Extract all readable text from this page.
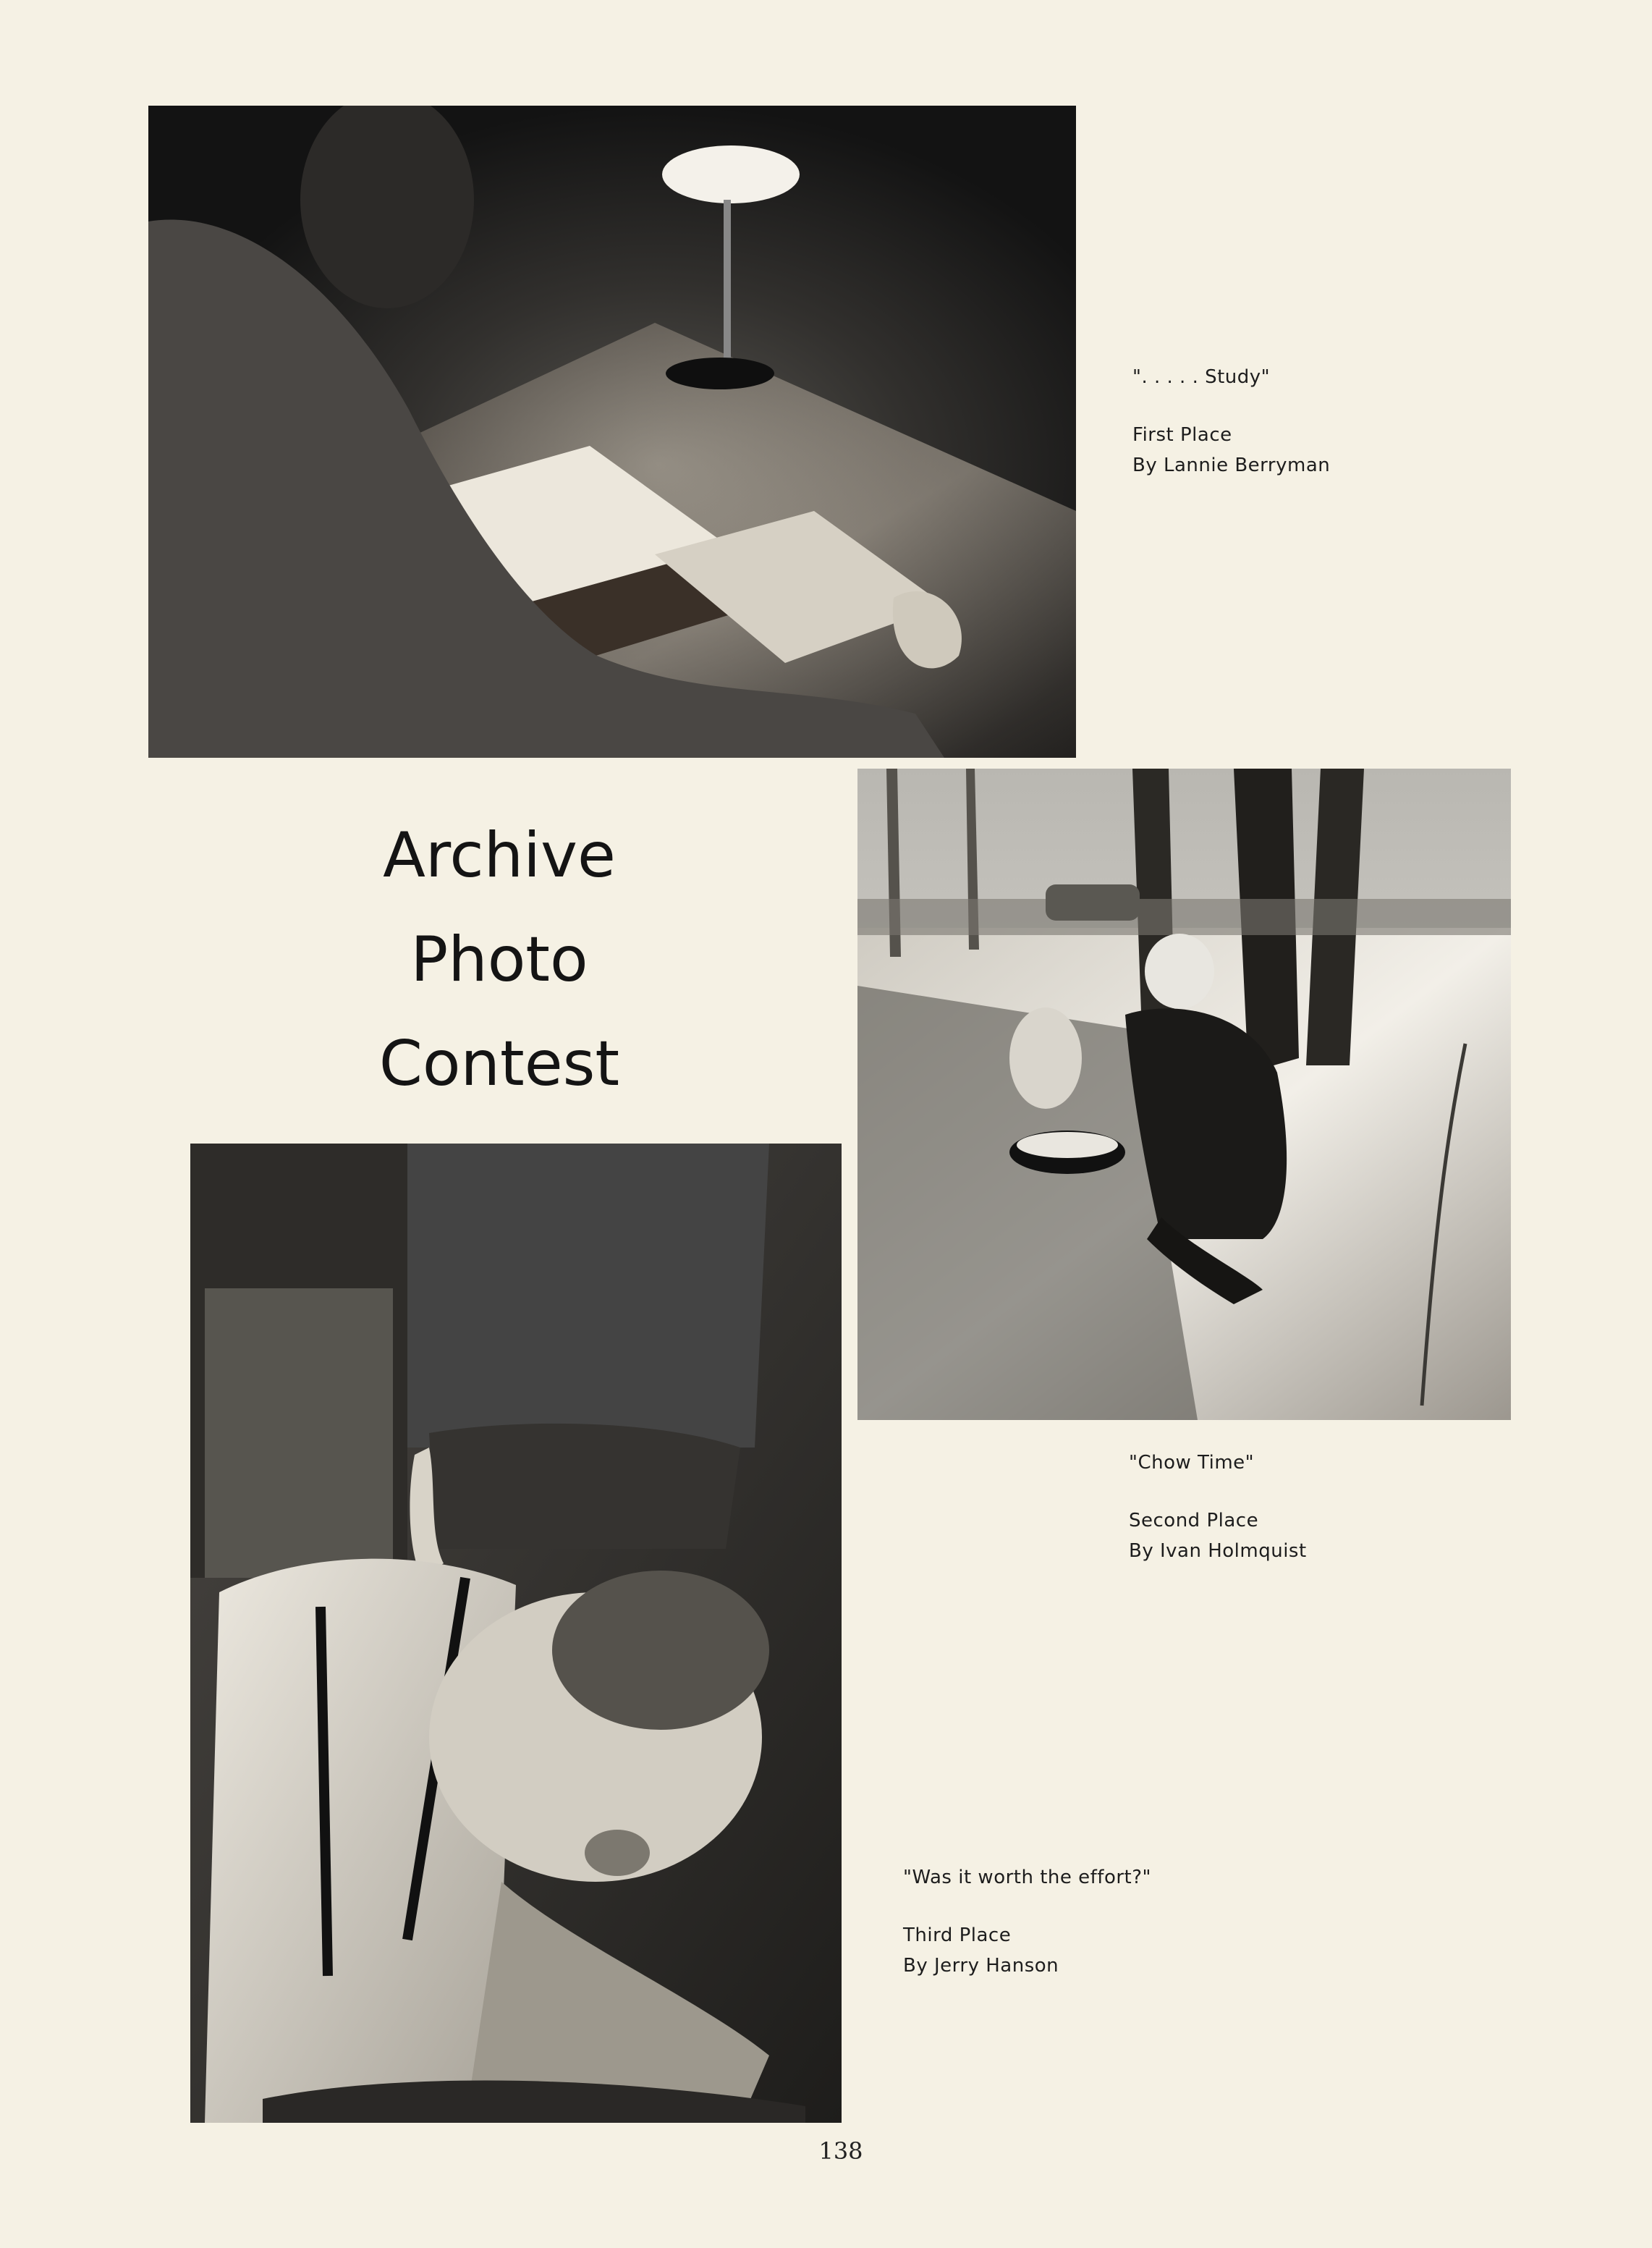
". . . . . Study"
First Place
By Lannie Berryman
Archive
Photo
Contest
"Chow Time"
Second Place
By Ivan Holmquist
"Was it worth the effort?"
Third Place
By Jerry Hanson
138
